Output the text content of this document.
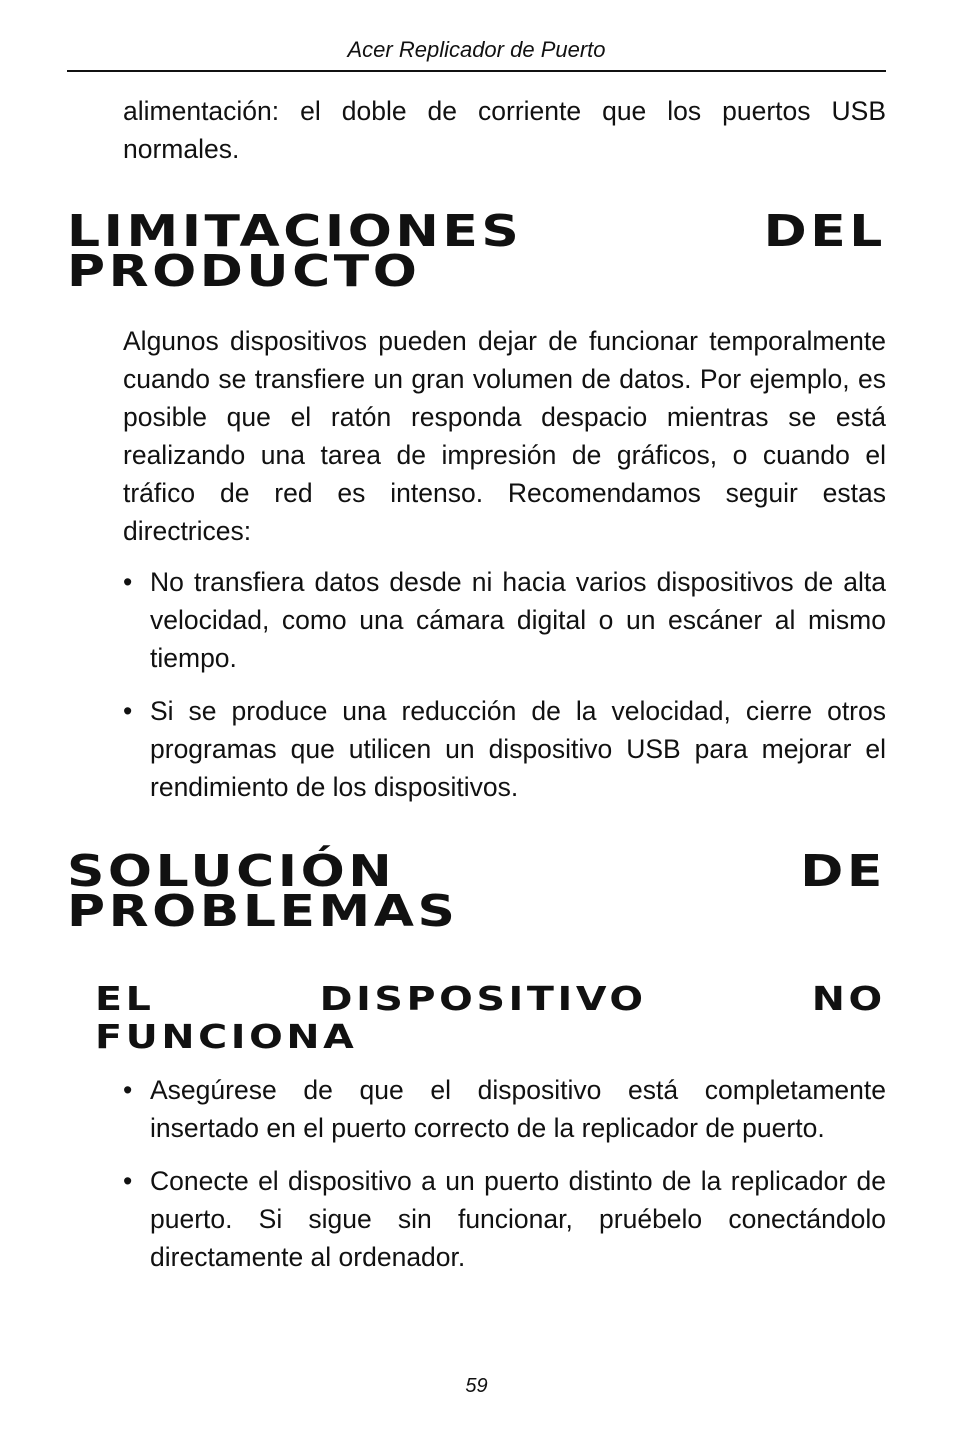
Acer Replicador de Puerto
alimentación: el doble de corriente que los puertos USB normales.
LIMITACIONES	DEL
PRODUCTO
Algunos dispositivos pueden dejar de funcionar temporalmente cuando se transfiere un gran volumen de datos. Por ejemplo, es posible que el ratón responda despacio mientras se está realizando una tarea de impresión de gráficos, o cuando el tráfico de red es intenso. Recomendamos seguir estas directrices:
• No transfiera datos desde ni hacia varios dispositivos de alta velocidad, como una cámara digital o un escáner al mismo tiempo.
• Si se produce una reducción de la velocidad, cierre otros programas que utilicen un dispositivo USB para mejorar el rendimiento de los dispositivos.
SOLUCIÓN	DE
PROBLEMAS
EL	DISPOSITIVO	NO
FUNCIONA
• Asegúrese de que el dispositivo está completamente insertado en el puerto correcto de la replicador de puerto.
• Conecte el dispositivo a un puerto distinto de la replicador de puerto. Si sigue sin funcionar, pruébelo conectándolo directamente al ordenador.
59
